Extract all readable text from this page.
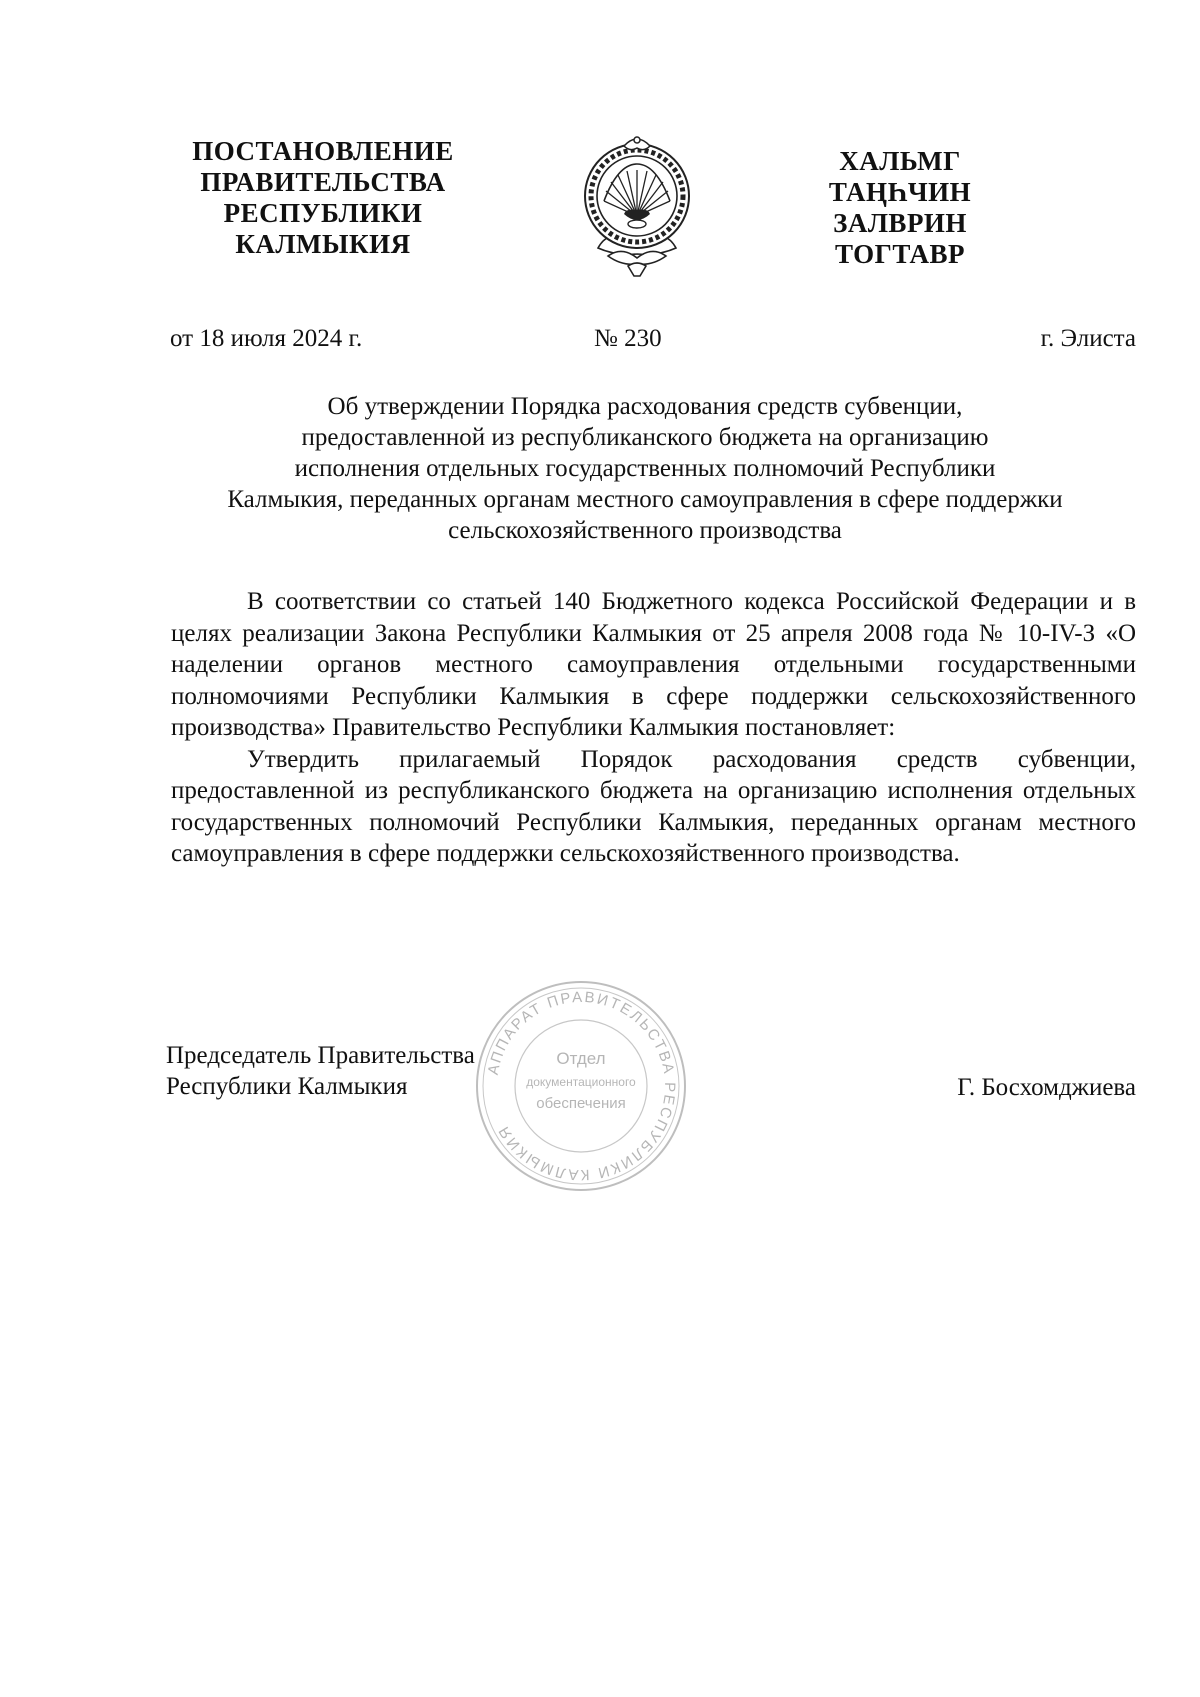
ПОСТАНОВЛЕНИЕ
ПРАВИТЕЛЬСТВА
РЕСПУБЛИКИ
КАЛМЫКИЯ
ХАЛЬМГ
ТАҢҺЧИН
ЗАЛВРИН
ТОГТАВР
от 18 июля 2024 г.	№ 230	г. Элиста
Об утверждении Порядка расходования средств субвенции,
предоставленной из республиканского бюджета на организацию
исполнения отдельных государственных полномочий Республики
Калмыкия, переданных органам местного самоуправления в сфере поддержки
сельскохозяйственного производства

В соответствии со статьей 140 Бюджетного кодекса Российской Федерации и в целях реализации Закона Республики Калмыкия от 25 апреля 2008 года № 10-IV-З «О наделении органов местного самоуправления отдельными государственными полномочиями Республики Калмыкия в сфере поддержки сельскохозяйственного производства» Правительство Республики Калмыкия постановляет:

Утвердить прилагаемый Порядок расходования средств субвенции, предоставленной из республиканского бюджета на организацию исполнения отдельных государственных полномочий Республики Калмыкия, переданных органам местного самоуправления в сфере поддержки сельскохозяйственного производства.

АППАРАТ ПРАВИТЕЛЬСТВА РЕСПУБЛИКИ КАЛМЫКИЯ
Отдел
документационного
обеспечения
Председатель Правительства
Республики Калмыкия	Г. Босхомджиева
